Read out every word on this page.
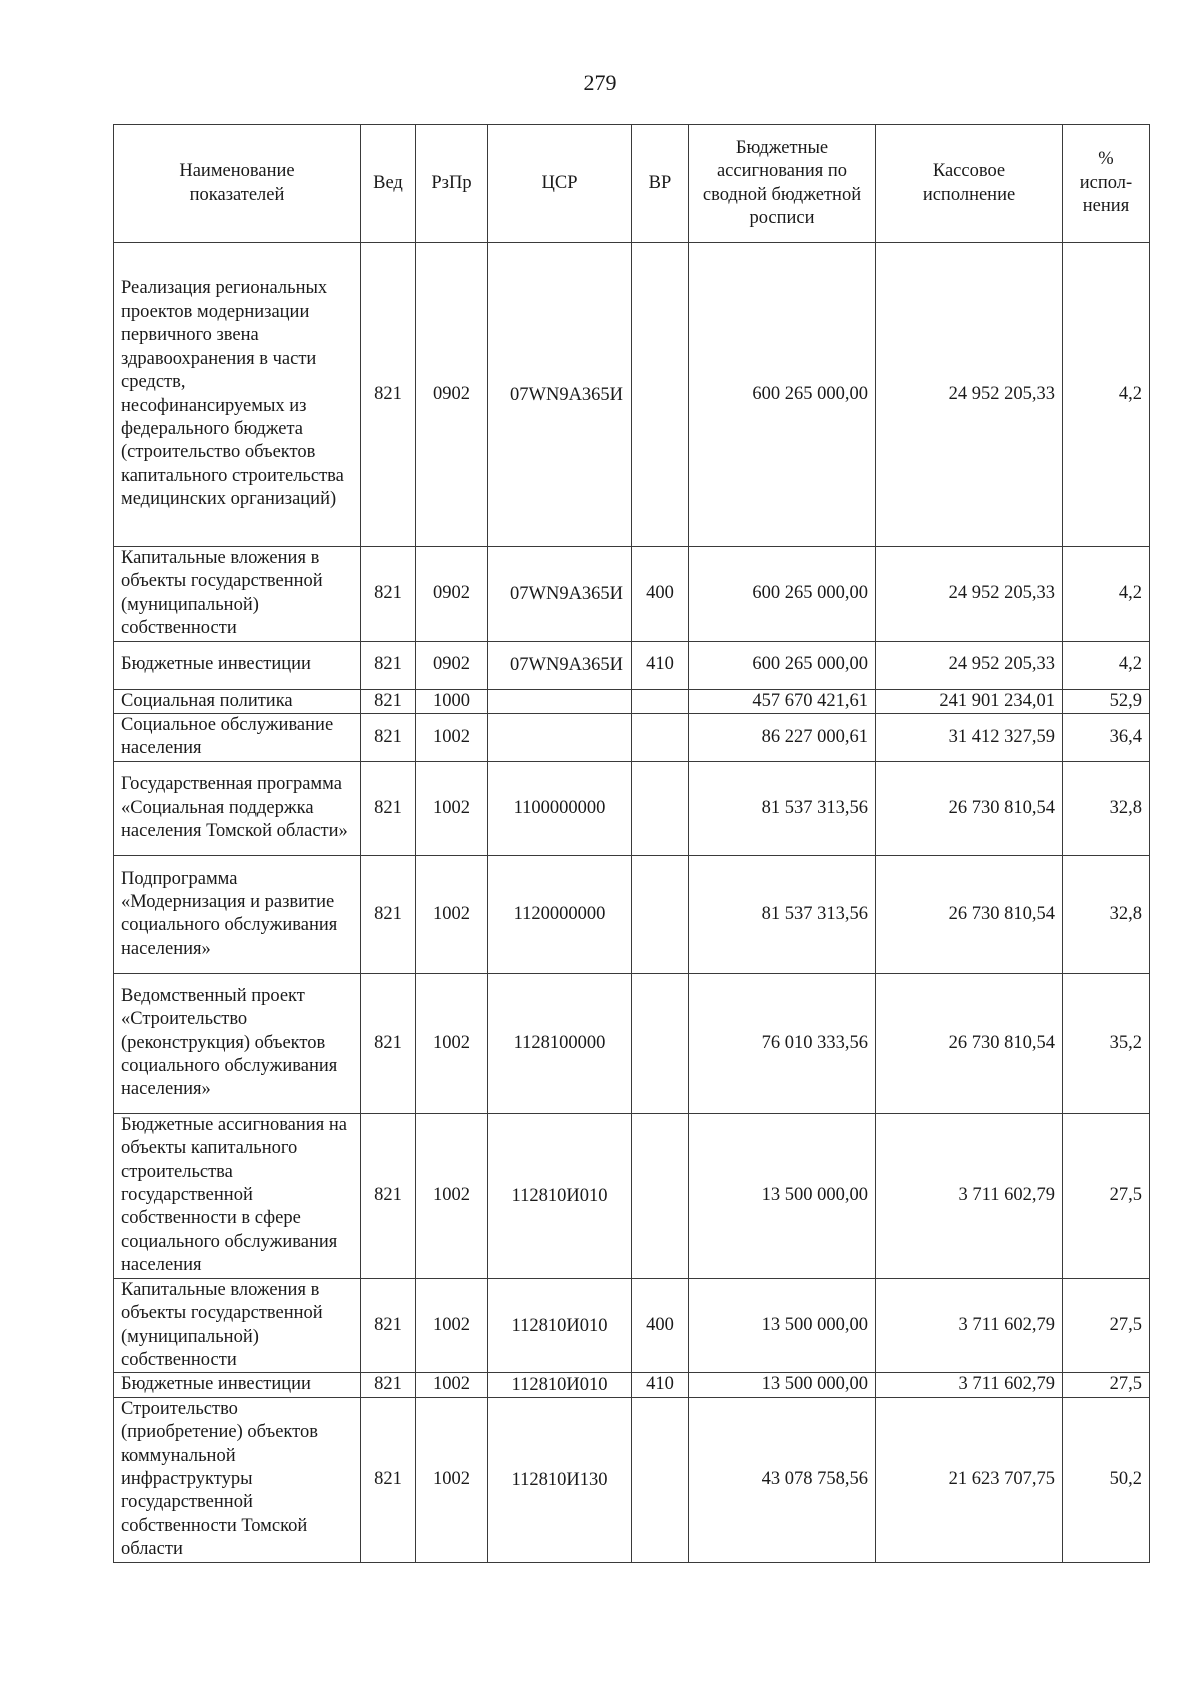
279
Наименование показателей	Вед	РзПр	ЦСР	ВР	Бюджетные ассигнования по сводной бюджетной росписи	Кассовое исполнение	% испол-нения
Реализация региональных проектов модернизации первичного звена здравоохранения в части средств, несофинансируемых из федерального бюджета (строительство объектов капитального строительства медицинских организаций)	821	0902	07WN9A365И		600 265 000,00	24 952 205,33	4,2
Капитальные вложения в объекты государственной (муниципальной) собственности	821	0902	07WN9A365И	400	600 265 000,00	24 952 205,33	4,2
Бюджетные инвестиции	821	0902	07WN9A365И	410	600 265 000,00	24 952 205,33	4,2
Социальная политика	821	1000			457 670 421,61	241 901 234,01	52,9
Социальное обслуживание населения	821	1002			86 227 000,61	31 412 327,59	36,4
Государственная программа «Социальная поддержка населения Томской области»	821	1002	1100000000		81 537 313,56	26 730 810,54	32,8
Подпрограмма «Модернизация и развитие социального обслуживания населения»	821	1002	1120000000		81 537 313,56	26 730 810,54	32,8
Ведомственный проект «Строительство (реконструкция) объектов социального обслуживания населения»	821	1002	1128100000		76 010 333,56	26 730 810,54	35,2
Бюджетные ассигнования на объекты капитального строительства государственной собственности в сфере социального обслуживания населения	821	1002	112810И010		13 500 000,00	3 711 602,79	27,5
Капитальные вложения в объекты государственной (муниципальной) собственности	821	1002	112810И010	400	13 500 000,00	3 711 602,79	27,5
Бюджетные инвестиции	821	1002	112810И010	410	13 500 000,00	3 711 602,79	27,5
Строительство (приобретение) объектов коммунальной инфраструктуры государственной собственности Томской области	821	1002	112810И130		43 078 758,56	21 623 707,75	50,2
